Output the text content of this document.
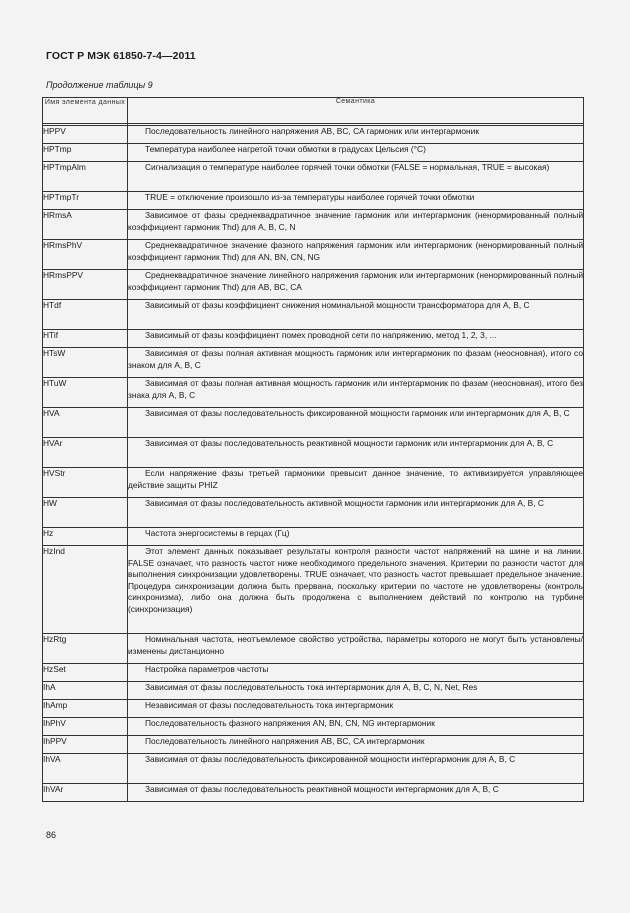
ГОСТ Р МЭК 61850-7-4—2011
Продолжение таблицы 9
Имя элемента данных	Семантика

HPPV	Последовательность линейного напряжения AB, BC, CA гармоник или интергармоник
HPTmp	Температура наиболее нагретой точки обмотки в градусах Цельсия (°C)
HPTmpAlm	Сигнализация о температуре наиболее горячей точки обмотки (FALSE = нормальная, TRUE = высокая)
HPTmpTr	TRUE = отключение произошло из-за температуры наиболее горячей точки обмотки
HRmsA	Зависимое от фазы среднеквадратичное значение гармоник или интергармоник (ненормированный полный коэффициент гармоник Thd) для A, B, C, N
HRmsPhV	Среднеквадратичное значение фазного напряжения гармоник или интергармоник (ненормированный полный коэффициент гармоник Thd) для AN, BN, CN, NG
HRmsPPV	Среднеквадратичное значение линейного напряжения гармоник или интергармоник (ненормированный полный коэффициент гармоник Thd) для AB, BC, CA
HTdf	Зависимый от фазы коэффициент снижения номинальной мощности трансформатора для A, B, C
HTif	Зависимый от фазы коэффициент помех проводной сети по напряжению, метод 1, 2, 3, ...
HTsW	Зависимая от фазы полная активная мощность гармоник или интергармоник по фазам (неосновная), итого со знаком для A, B, C
HTuW	Зависимая от фазы полная активная мощность гармоник или интергармоник по фазам (неосновная), итого без знака для A, B, C
HVA	Зависимая от фазы последовательность фиксированной мощности гармоник или интергармоник для A, B, C
HVAr	Зависимая от фазы последовательность реактивной мощности гармоник или интергармоник для A, B, C
HVStr	Если напряжение фазы третьей гармоники превысит данное значение, то активизируется управляющее действие защиты PHIZ
HW	Зависимая от фазы последовательность активной мощности гармоник или интергармоник для A, B, C
Hz	Частота энергосистемы в герцах (Гц)
HzInd	Этот элемент данных показывает результаты контроля разности частот напряжений на шине и на линии. FALSE означает, что разность частот ниже необходимого предельного значения. Критерии по разности частот для выполнения синхронизации удовлетворены. TRUE означает, что разность частот превышает предельное значение. Процедура синхронизации должна быть прервана, поскольку критерии по частоте не удовлетворены (контроль синхронизма), либо она должна быть продолжена с выполнением действий по контролю на турбине (синхронизация)
HzRtg	Номинальная частота, неотъемлемое свойство устройства, параметры которого не могут быть установлены/изменены дистанционно
HzSet	Настройка параметров частоты
IhA	Зависимая от фазы последовательность тока интергармоник для A, B, C, N, Net, Res
IhAmp	Независимая от фазы последовательность тока интергармоник
IhPhV	Последовательность фазного напряжения AN, BN, CN, NG интергармоник
IhPPV	Последовательность линейного напряжения AB, BC, CA интергармоник
IhVA	Зависимая от фазы последовательность фиксированной мощности интергармоник для A, B, C
IhVAr	Зависимая от фазы последовательность реактивной мощности интергармоник для A, B, C
86
